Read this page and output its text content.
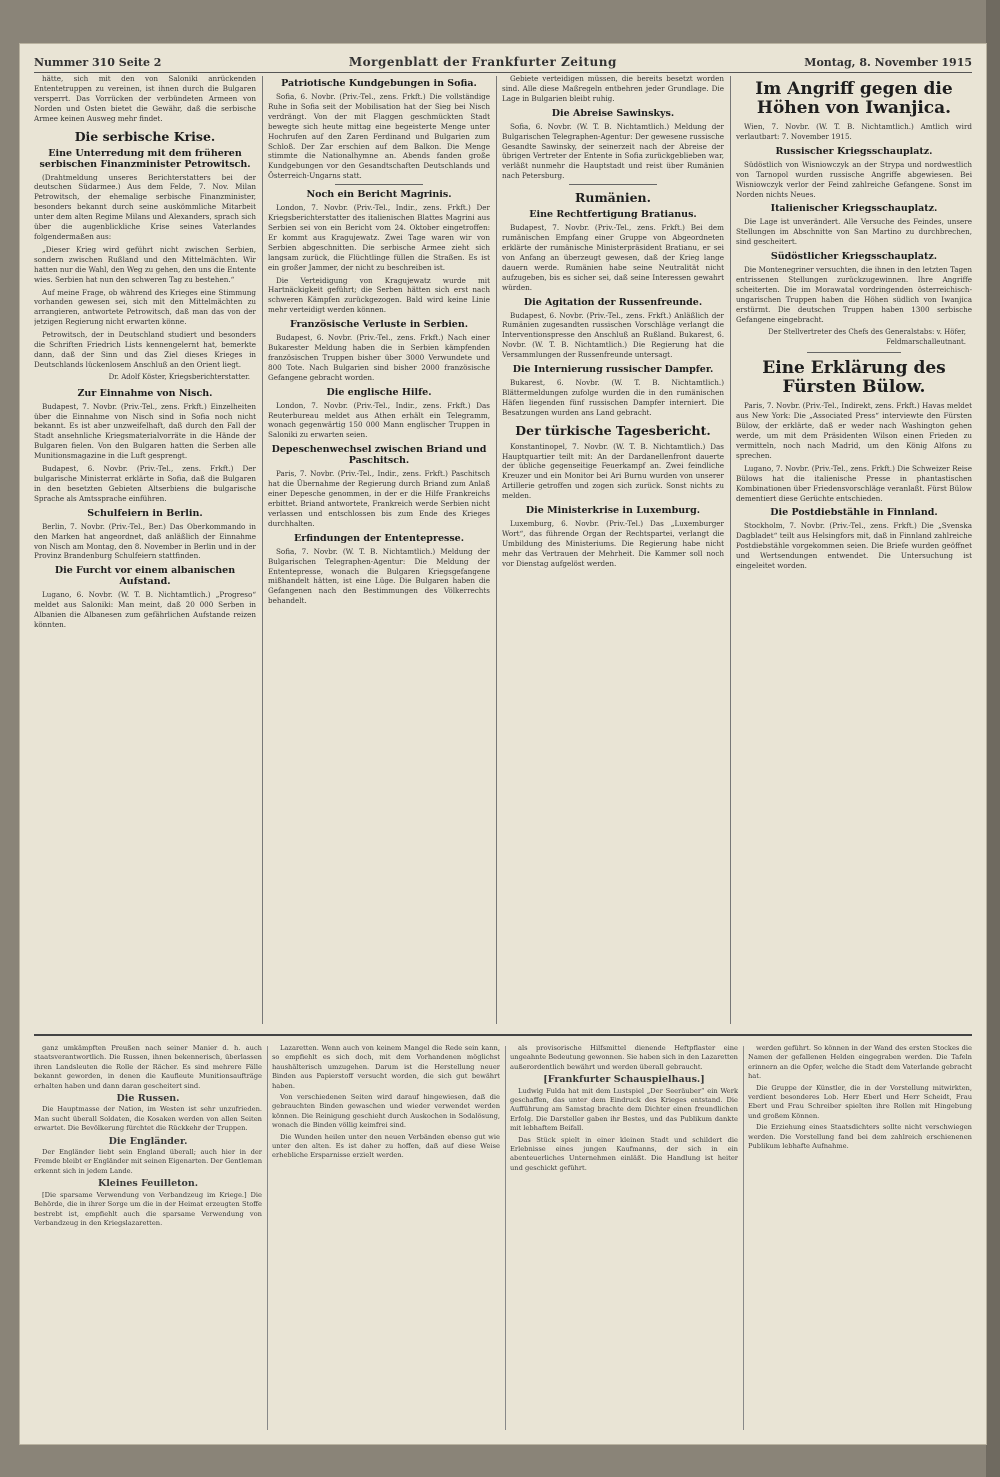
Nummer 310 Seite 2	Morgenblatt der Frankfurter Zeitung	Montag, 8. November 1915

hätte, sich mit den von Saloniki anrückenden Ententetruppen zu vereinen, ist ihnen durch die Bulgaren versperrt. Das Vorrücken der verbündeten Armeen von Norden und Osten bietet die Gewähr, daß die serbische Armee keinen Ausweg mehr findet.

Die serbische Krise.
Eine Unterredung mit dem früheren serbischen Finanzminister Petrowitsch.

(Drahtmeldung unseres Berichterstatters bei der deutschen Südarmee.) Aus dem Felde, 7. Nov. Milan Petrowitsch, der ehemalige serbische Finanzminister, besonders bekannt durch seine auskömmliche Mitarbeit unter dem alten Regime Milans und Alexanders, sprach sich über die augenblickliche Krise seines Vaterlandes folgendermaßen aus:

„Dieser Krieg wird geführt nicht zwischen Serbien, sondern zwischen Rußland und den Mittelmächten. Wir hatten nur die Wahl, den Weg zu gehen, den uns die Entente wies. Serbien hat nun den schweren Tag zu bestehen.“

Auf meine Frage, ob während des Krieges eine Stimmung vorhanden gewesen sei, sich mit den Mittelmächten zu arrangieren, antwortete Petrowitsch, daß man das von der jetzigen Regierung nicht erwarten könne.

Petrowitsch, der in Deutschland studiert und besonders die Schriften Friedrich Lists kennengelernt hat, bemerkte dann, daß der Sinn und das Ziel dieses Krieges in Deutschlands lückenlosem Anschluß an den Orient liegt.

Dr. Adolf Köster, Kriegsberichterstatter.
Zur Einnahme von Nisch.

Budapest, 7. Novbr. (Priv.-Tel., zens. Frkft.) Einzelheiten über die Einnahme von Nisch sind in Sofia noch nicht bekannt. Es ist aber unzweifelhaft, daß durch den Fall der Stadt ansehnliche Kriegsmaterialvorräte in die Hände der Bulgaren fielen. Von den Bulgaren hatten die Serben alle Munitionsmagazine in die Luft gesprengt.

Budapest, 6. Novbr. (Priv.-Tel., zens. Frkft.) Der bulgarische Ministerrat erklärte in Sofia, daß die Bulgaren in den besetzten Gebieten Altserbiens die bulgarische Sprache als Amtssprache einführen.

Schulfeiern in Berlin.

Berlin, 7. Novbr. (Priv.-Tel., Ber.) Das Oberkommando in den Marken hat angeordnet, daß anläßlich der Einnahme von Nisch am Montag, den 8. November in Berlin und in der Provinz Brandenburg Schulfeiern stattfinden.

Die Furcht vor einem albanischen Aufstand.

Lugano, 6. Novbr. (W. T. B. Nichtamtlich.) „Progreso“ meldet aus Saloniki: Man meint, daß 20 000 Serben in Albanien die Albanesen zum gefährlichen Aufstande reizen könnten.

Patriotische Kundgebungen in Sofia.

Sofia, 6. Novbr. (Priv.-Tel., zens. Frkft.) Die vollständige Ruhe in Sofia seit der Mobilisation hat der Sieg bei Nisch verdrängt. Von der mit Flaggen geschmückten Stadt bewegte sich heute mittag eine begeisterte Menge unter Hochrufen auf den Zaren Ferdinand und Bulgarien zum Schloß. Der Zar erschien auf dem Balkon. Die Menge stimmte die Nationalhymne an. Abends fanden große Kundgebungen vor den Gesandtschaften Deutschlands und Österreich-Ungarns statt.

Noch ein Bericht Magrinis.

London, 7. Novbr. (Priv.-Tel., Indir., zens. Frkft.) Der Kriegsberichterstatter des italienischen Blattes Magrini aus Serbien sei von ein Bericht vom 24. Oktober eingetroffen: Er kommt aus Kragujewatz. Zwei Tage waren wir von Serbien abgeschnitten. Die serbische Armee zieht sich langsam zurück, die Flüchtlinge füllen die Straßen. Es ist ein großer Jammer, der nicht zu beschreiben ist.

Die Verteidigung von Kragujewatz wurde mit Hartnäckigkeit geführt; die Serben hätten sich erst nach schweren Kämpfen zurückgezogen. Bald wird keine Linie mehr verteidigt werden können.

Französische Verluste in Serbien.

Budapest, 6. Novbr. (Priv.-Tel., zens. Frkft.) Nach einer Bukarester Meldung haben die in Serbien kämpfenden französischen Truppen bisher über 3000 Verwundete und 800 Tote. Nach Bulgarien sind bisher 2000 französische Gefangene gebracht worden.

Die englische Hilfe.

London, 7. Novbr. (Priv.-Tel., Indir., zens. Frkft.) Das Reuterbureau meldet aus Athen erhält ein Telegramm, wonach gegenwärtig 150 000 Mann englischer Truppen in Saloniki zu erwarten seien.

Depeschenwechsel zwischen Briand und Paschitsch.

Paris, 7. Novbr. (Priv.-Tel., Indir., zens. Frkft.) Paschitsch hat die Übernahme der Regierung durch Briand zum Anlaß einer Depesche genommen, in der er die Hilfe Frankreichs erbittet. Briand antwortete, Frankreich werde Serbien nicht verlassen und entschlossen bis zum Ende des Krieges durchhalten.

Erfindungen der Ententepresse.

Sofia, 7. Novbr. (W. T. B. Nichtamtlich.) Meldung der Bulgarischen Telegraphen-Agentur: Die Meldung der Ententepresse, wonach die Bulgaren Kriegsgefangene mißhandelt hätten, ist eine Lüge. Die Bulgaren haben die Gefangenen nach den Bestimmungen des Völkerrechts behandelt.

Gebiete verteidigen müssen, die bereits besetzt worden sind. Alle diese Maßregeln entbehren jeder Grundlage. Die Lage in Bulgarien bleibt ruhig.

Die Abreise Sawinskys.

Sofia, 6. Novbr. (W. T. B. Nichtamtlich.) Meldung der Bulgarischen Telegraphen-Agentur: Der gewesene russische Gesandte Sawinsky, der seinerzeit nach der Abreise der übrigen Vertreter der Entente in Sofia zurückgeblieben war, verläßt nunmehr die Hauptstadt und reist über Rumänien nach Petersburg.

Rumänien.
Eine Rechtfertigung Bratianus.

Budapest, 7. Novbr. (Priv.-Tel., zens. Frkft.) Bei dem rumänischen Empfang einer Gruppe von Abgeordneten erklärte der rumänische Ministerpräsident Bratianu, er sei von Anfang an überzeugt gewesen, daß der Krieg lange dauern werde. Rumänien habe seine Neutralität nicht aufzugeben, bis es sicher sei, daß seine Interessen gewahrt würden.

Die Agitation der Russenfreunde.

Budapest, 6. Novbr. (Priv.-Tel., zens. Frkft.) Anläßlich der Rumänien zugesandten russischen Vorschläge verlangt die Interventionspresse den Anschluß an Rußland. Bukarest, 6. Novbr. (W. T. B. Nichtamtlich.) Die Regierung hat die Versammlungen der Russenfreunde untersagt.

Die Internierung russischer Dampfer.

Bukarest, 6. Novbr. (W. T. B. Nichtamtlich.) Blättermeldungen zufolge wurden die in den rumänischen Häfen liegenden fünf russischen Dampfer interniert. Die Besatzungen wurden ans Land gebracht.

Der türkische Tagesbericht.

Konstantinopel, 7. Novbr. (W. T. B. Nichtamtlich.) Das Hauptquartier teilt mit: An der Dardanellenfront dauerte der übliche gegenseitige Feuerkampf an. Zwei feindliche Kreuzer und ein Monitor bei Ari Burnu wurden von unserer Artillerie getroffen und zogen sich zurück. Sonst nichts zu melden.

Die Ministerkrise in Luxemburg.

Luxemburg, 6. Novbr. (Priv.-Tel.) Das „Luxemburger Wort“, das führende Organ der Rechtspartei, verlangt die Umbildung des Ministeriums. Die Regierung habe nicht mehr das Vertrauen der Mehrheit. Die Kammer soll noch vor Dienstag aufgelöst werden.

Im Angriff gegen die Höhen von Iwanjica.

Wien, 7. Novbr. (W. T. B. Nichtamtlich.) Amtlich wird verlautbart: 7. November 1915.

Russischer Kriegsschauplatz.

Südöstlich von Wisniowczyk an der Strypa und nordwestlich von Tarnopol wurden russische Angriffe abgewiesen. Bei Wisniowczyk verlor der Feind zahlreiche Gefangene. Sonst im Norden nichts Neues.

Italienischer Kriegsschauplatz.

Die Lage ist unverändert. Alle Versuche des Feindes, unsere Stellungen im Abschnitte von San Martino zu durchbrechen, sind gescheitert.

Südöstlicher Kriegsschauplatz.

Die Montenegriner versuchten, die ihnen in den letzten Tagen entrissenen Stellungen zurückzugewinnen. Ihre Angriffe scheiterten. Die im Morawatal vordringenden österreichisch-ungarischen Truppen haben die Höhen südlich von Iwanjica erstürmt. Die deutschen Truppen haben 1300 serbische Gefangene eingebracht.

Der Stellvertreter des Chefs des Generalstabs: v. Höfer, Feldmarschalleutnant.
Eine Erklärung des Fürsten Bülow.

Paris, 7. Novbr. (Priv.-Tel., Indirekt, zens. Frkft.) Havas meldet aus New York: Die „Associated Press“ interviewte den Fürsten Bülow, der erklärte, daß er weder nach Washington gehen werde, um mit dem Präsidenten Wilson einen Frieden zu vermitteln, noch nach Madrid, um den König Alfons zu sprechen.

Lugano, 7. Novbr. (Priv.-Tel., zens. Frkft.) Die Schweizer Reise Bülows hat die italienische Presse in phantastischen Kombinationen über Friedensvorschläge veranlaßt. Fürst Bülow dementiert diese Gerüchte entschieden.

Die Postdiebstähle in Finnland.

Stockholm, 7. Novbr. (Priv.-Tel., zens. Frkft.) Die „Svenska Dagbladet“ teilt aus Helsingfors mit, daß in Finnland zahlreiche Postdiebstähle vorgekommen seien. Die Briefe wurden geöffnet und Wertsendungen entwendet. Die Untersuchung ist eingeleitet worden.

ganz umkämpften Preußen nach seiner Manier d. h. auch staatsverantwortlich. Die Russen, ihnen bekennerisch, überlassen ihren Landsleuten die Rolle der Rächer. Es sind mehrere Fälle bekannt geworden, in denen die Kaufleute Munitionsaufträge erhalten haben und dann daran gescheitert sind.

Die Russen.

Die Hauptmasse der Nation, im Westen ist sehr unzufrieden. Man sucht überall Soldaten, die Kosaken werden von allen Seiten erwartet. Die Bevölkerung fürchtet die Rückkehr der Truppen.

Die Engländer.

Der Engländer liebt sein England überall; auch hier in der Fremde bleibt er Engländer mit seinen Eigenarten. Der Gentleman erkennt sich in jedem Lande.

Kleines Feuilleton.

[Die sparsame Verwendung von Verbandzeug im Kriege.] Die Behörde, die in ihrer Sorge um die in der Heimat erzeugten Stoffe bestrebt ist, empfiehlt auch die sparsame Verwendung von Verbandzeug in den Kriegslazaretten.

Lazaretten. Wenn auch von keinem Mangel die Rede sein kann, so empfiehlt es sich doch, mit dem Vorhandenen möglichst haushälterisch umzugehen. Darum ist die Herstellung neuer Binden aus Papierstoff versucht worden, die sich gut bewährt haben.

Von verschiedenen Seiten wird darauf hingewiesen, daß die gebrauchten Binden gewaschen und wieder verwendet werden können. Die Reinigung geschieht durch Auskochen in Sodalösung, wonach die Binden völlig keimfrei sind.

Die Wunden heilen unter den neuen Verbänden ebenso gut wie unter den alten. Es ist daher zu hoffen, daß auf diese Weise erhebliche Ersparnisse erzielt werden.

als provisorische Hilfsmittel dienende Heftpflaster eine ungeahnte Bedeutung gewonnen. Sie haben sich in den Lazaretten außerordentlich bewährt und werden überall gebraucht.

[Frankfurter Schauspielhaus.]

Ludwig Fulda hat mit dem Lustspiel „Der Seeräuber“ ein Werk geschaffen, das unter dem Eindruck des Krieges entstand. Die Aufführung am Samstag brachte dem Dichter einen freundlichen Erfolg. Die Darsteller gaben ihr Bestes, und das Publikum dankte mit lebhaftem Beifall.

Das Stück spielt in einer kleinen Stadt und schildert die Erlebnisse eines jungen Kaufmanns, der sich in ein abenteuerliches Unternehmen einläßt. Die Handlung ist heiter und geschickt geführt.

werden geführt. So können in der Wand des ersten Stockes die Namen der gefallenen Helden eingegraben werden. Die Tafeln erinnern an die Opfer, welche die Stadt dem Vaterlande gebracht hat.

Die Gruppe der Künstler, die in der Vorstellung mitwirkten, verdient besonderes Lob. Herr Eberl und Herr Scheidt, Frau Ebert und Frau Schreiber spielten ihre Rollen mit Hingebung und großem Können.

Die Erziehung eines Staatsdichters sollte nicht verschwiegen werden. Die Vorstellung fand bei dem zahlreich erschienenen Publikum lebhafte Aufnahme.
